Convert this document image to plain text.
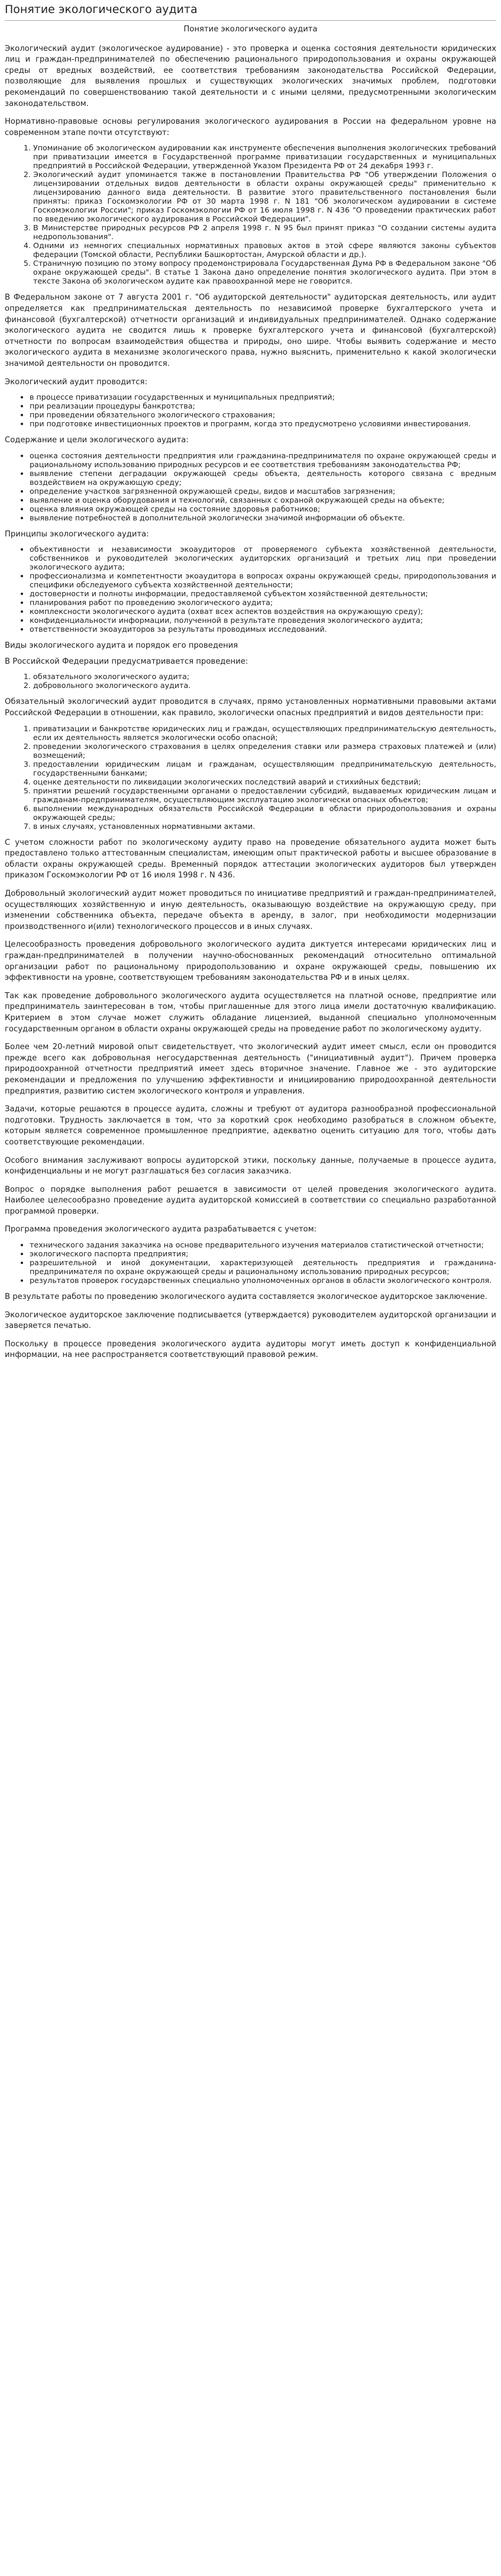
Понятие экологического аудита
Понятие экологического аудита

Экологический аудит (экологическое аудирование) - это проверка и оценка состояния деятельности юридических лиц и граждан-предпринимателей по обеспечению рационального природопользования и охраны окружающей среды от вредных воздействий, ее соответствия требованиям законодательства Российской Федерации, позволяющие для выявления прошлых и существующих экологических значимых проблем, подготовки рекомендаций по совершенствованию такой деятельности и с иными целями, предусмотренными экологическим законодательством.

Нормативно-правовые основы регулирования экологического аудирования в России на федеральном уровне на современном этапе почти отсутствуют:

1. Упоминание об экологическом аудировании как инструменте обеспечения выполнения экологических требований при приватизации имеется в Государственной программе приватизации государственных и муниципальных предприятий в Российской Федерации, утвержденной Указом Президента РФ от 24 декабря 1993 г.
2. Экологический аудит упоминается также в постановлении Правительства РФ "Об утверждении Положения о лицензировании отдельных видов деятельности в области охраны окружающей среды" применительно к лицензированию данного вида деятельности. В развитие этого правительственного постановления были приняты: приказ Госкомэкологии РФ от 30 марта 1998 г. N 181 "Об экологическом аудировании в системе Госкомэкологии России"; приказ Госкомэкологии РФ от 16 июля 1998 г. N 436 "О проведении практических работ по введению экологического аудирования в Российской Федерации".
3. В Министерстве природных ресурсов РФ 2 апреля 1998 г. N 95 был принят приказ "О создании системы аудита недропользования".
4. Одними из немногих специальных нормативных правовых актов в этой сфере являются законы субъектов федерации (Томской области, Республики Башкортостан, Амурской области и др.).
5. Страничную позицию по этому вопросу продемонстрировала Государственная Дума РФ в Федеральном законе "Об охране окружающей среды". В статье 1 Закона дано определение понятия экологического аудита. При этом в тексте Закона об экологическом аудите как правоохранной мере не говорится.

В Федеральном законе от 7 августа 2001 г. "Об аудиторской деятельности" аудиторская деятельность, или аудит определяется как предпринимательская деятельность по независимой проверке бухгалтерского учета и финансовой (бухгалтерской) отчетности организаций и индивидуальных предпринимателей. Однако содержание экологического аудита не сводится лишь к проверке бухгалтерского учета и финансовой (бухгалтерской) отчетности по вопросам взаимодействия общества и природы, оно шире. Чтобы выявить содержание и место экологического аудита в механизме экологического права, нужно выяснить, применительно к какой экологически значимой деятельности он проводится.

Экологический аудит проводится:

• в процессе приватизации государственных и муниципальных предприятий;
• при реализации процедуры банкротства;
• при проведении обязательного экологического страхования;
• при подготовке инвестиционных проектов и программ, когда это предусмотрено условиями инвестирования.

Содержание и цели экологического аудита:

• оценка состояния деятельности предприятия или гражданина-предпринимателя по охране окружающей среды и рациональному использованию природных ресурсов и ее соответствия требованиям законодательства РФ;
• выявление степени деградации окружающей среды объекта, деятельность которого связана с вредным воздействием на окружающую среду;
• определение участков загрязненной окружающей среды, видов и масштабов загрязнения;
• выявление и оценка оборудования и технологий, связанных с охраной окружающей среды на объекте;
• оценка влияния окружающей среды на состояние здоровья работников;
• выявление потребностей в дополнительной экологически значимой информации об объекте.

Принципы экологического аудита:

• объективности и независимости экоаудиторов от проверяемого субъекта хозяйственной деятельности, собственников и руководителей экологических аудиторских организаций и третьих лиц при проведении экологического аудита;
• профессионализма и компетентности экоаудитора в вопросах охраны окружающей среды, природопользования и специфики обследуемого субъекта хозяйственной деятельности;
• достоверности и полноты информации, предоставляемой субъектом хозяйственной деятельности;
• планирования работ по проведению экологического аудита;
• комплексности экологического аудита (охват всех аспектов воздействия на окружающую среду);
• конфиденциальности информации, полученной в результате проведения экологического аудита;
• ответственности экоаудиторов за результаты проводимых исследований.

Виды экологического аудита и порядок его проведения

В Российской Федерации предусматривается проведение:

1. обязательного экологического аудита;
2. добровольного экологического аудита.

Обязательный экологический аудит проводится в случаях, прямо установленных нормативными правовыми актами Российской Федерации в отношении, как правило, экологически опасных предприятий и видов деятельности при:

1. приватизации и банкротстве юридических лиц и граждан, осуществляющих предпринимательскую деятельность, если их деятельность является экологически особо опасной;
2. проведении экологического страхования в целях определения ставки или размера страховых платежей и (или) возмещений;
3. предоставлении юридическим лицам и гражданам, осуществляющим предпринимательскую деятельность, государственными банками;
4. оценке деятельности по ликвидации экологических последствий аварий и стихийных бедствий;
5. принятии решений государственными органами о предоставлении субсидий, выдаваемых юридическим лицам и гражданам-предпринимателям, осуществляющим эксплуатацию экологически опасных объектов;
6. выполнении международных обязательств Российской Федерации в области природопользования и охраны окружающей среды;
7. в иных случаях, установленных нормативными актами.

С учетом сложности работ по экологическому аудиту право на проведение обязательного аудита может быть предоставлено только аттестованным специалистам, имеющим опыт практической работы и высшее образование в области охраны окружающей среды. Временный порядок аттестации экологических аудиторов был утвержден приказом Госкомэкологии РФ от 16 июля 1998 г. N 436.

Добровольный экологический аудит может проводиться по инициативе предприятий и граждан-предпринимателей, осуществляющих хозяйственную и иную деятельность, оказывающую воздействие на окружающую среду, при изменении собственника объекта, передаче объекта в аренду, в залог, при необходимости модернизации производственного и(или) технологического процессов и в иных случаях.

Целесообразность проведения добровольного экологического аудита диктуется интересами юридических лиц и граждан-предпринимателей в получении научно-обоснованных рекомендаций относительно оптимальной организации работ по рациональному природопользованию и охране окружающей среды, повышению их эффективности на уровне, соответствующем требованиям законодательства РФ и в иных целях.

Так как проведение добровольного экологического аудита осуществляется на платной основе, предприятие или предприниматель заинтересован в том, чтобы приглашенные для этого лица имели достаточную квалификацию. Критерием в этом случае может служить обладание лицензией, выданной специально уполномоченным государственным органом в области охраны окружающей среды на проведение работ по экологическому аудиту.

Более чем 20-летний мировой опыт свидетельствует, что экологический аудит имеет смысл, если он проводится прежде всего как добровольная негосударственная деятельность ("инициативный аудит"). Причем проверка природоохранной отчетности предприятий имеет здесь вторичное значение. Главное же - это аудиторские рекомендации и предложения по улучшению эффективности и инициированию природоохранной деятельности предприятия, развитию систем экологического контроля и управления.

Задачи, которые решаются в процессе аудита, сложны и требуют от аудитора разнообразной профессиональной подготовки. Трудность заключается в том, что за короткий срок необходимо разобраться в сложном объекте, которым является современное промышленное предприятие, адекватно оценить ситуацию для того, чтобы дать соответствующие рекомендации.

Особого внимания заслуживают вопросы аудиторской этики, поскольку данные, получаемые в процессе аудита, конфиденциальны и не могут разглашаться без согласия заказчика.

Вопрос о порядке выполнения работ решается в зависимости от целей проведения экологического аудита. Наиболее целесообразно проведение аудита аудиторской комиссией в соответствии со специально разработанной программой проверки.

Программа проведения экологического аудита разрабатывается с учетом:

• технического задания заказчика на основе предварительного изучения материалов статистической отчетности;
• экологического паспорта предприятия;
• разрешительной и иной документации, характеризующей деятельность предприятия и гражданина-предпринимателя по охране окружающей среды и рациональному использованию природных ресурсов;
• результатов проверок государственных специально уполномоченных органов в области экологического контроля.

В результате работы по проведению экологического аудита составляется экологическое аудиторское заключение.

Экологическое аудиторское заключение подписывается (утверждается) руководителем аудиторской организации и заверяется печатью.

Поскольку в процессе проведения экологического аудита аудиторы могут иметь доступ к конфиденциальной информации, на нее распространяется соответствующий правовой режим.
